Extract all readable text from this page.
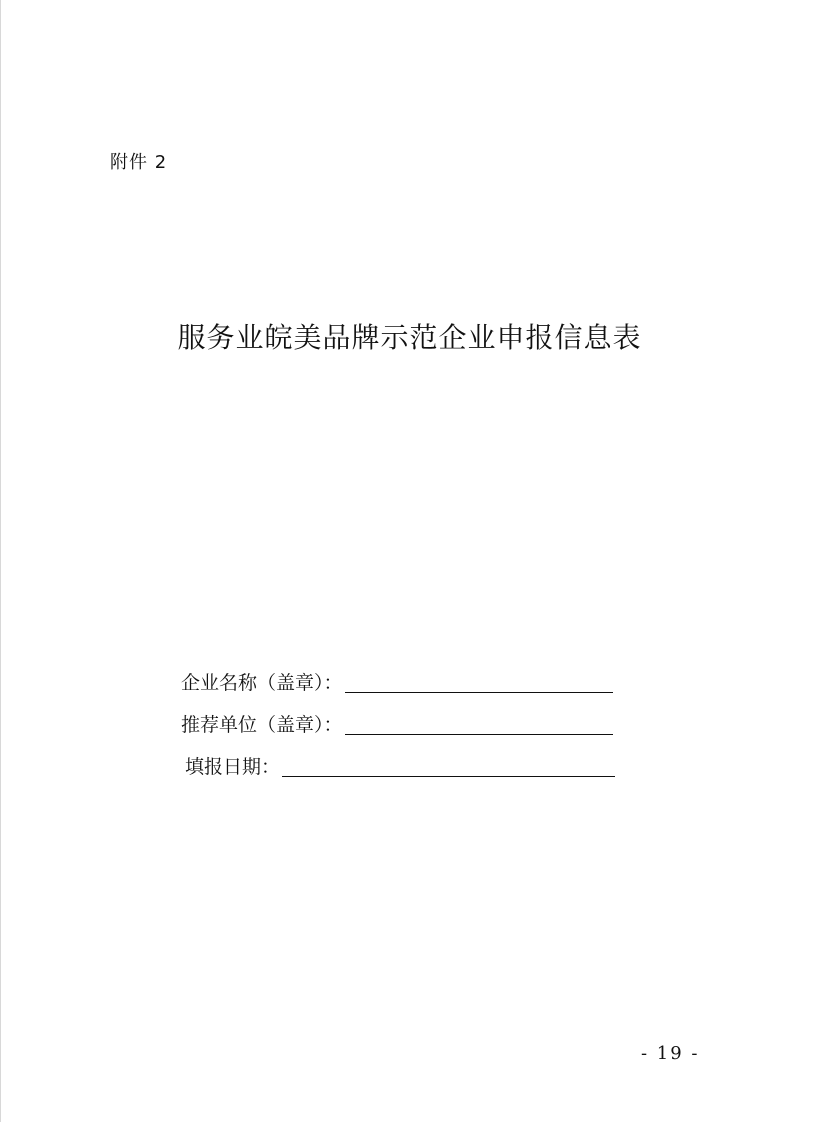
附件 2
服务业皖美品牌示范企业申报信息表
企业名称（盖章）：
推荐单位（盖章）：
填报日期：
- 19 -
